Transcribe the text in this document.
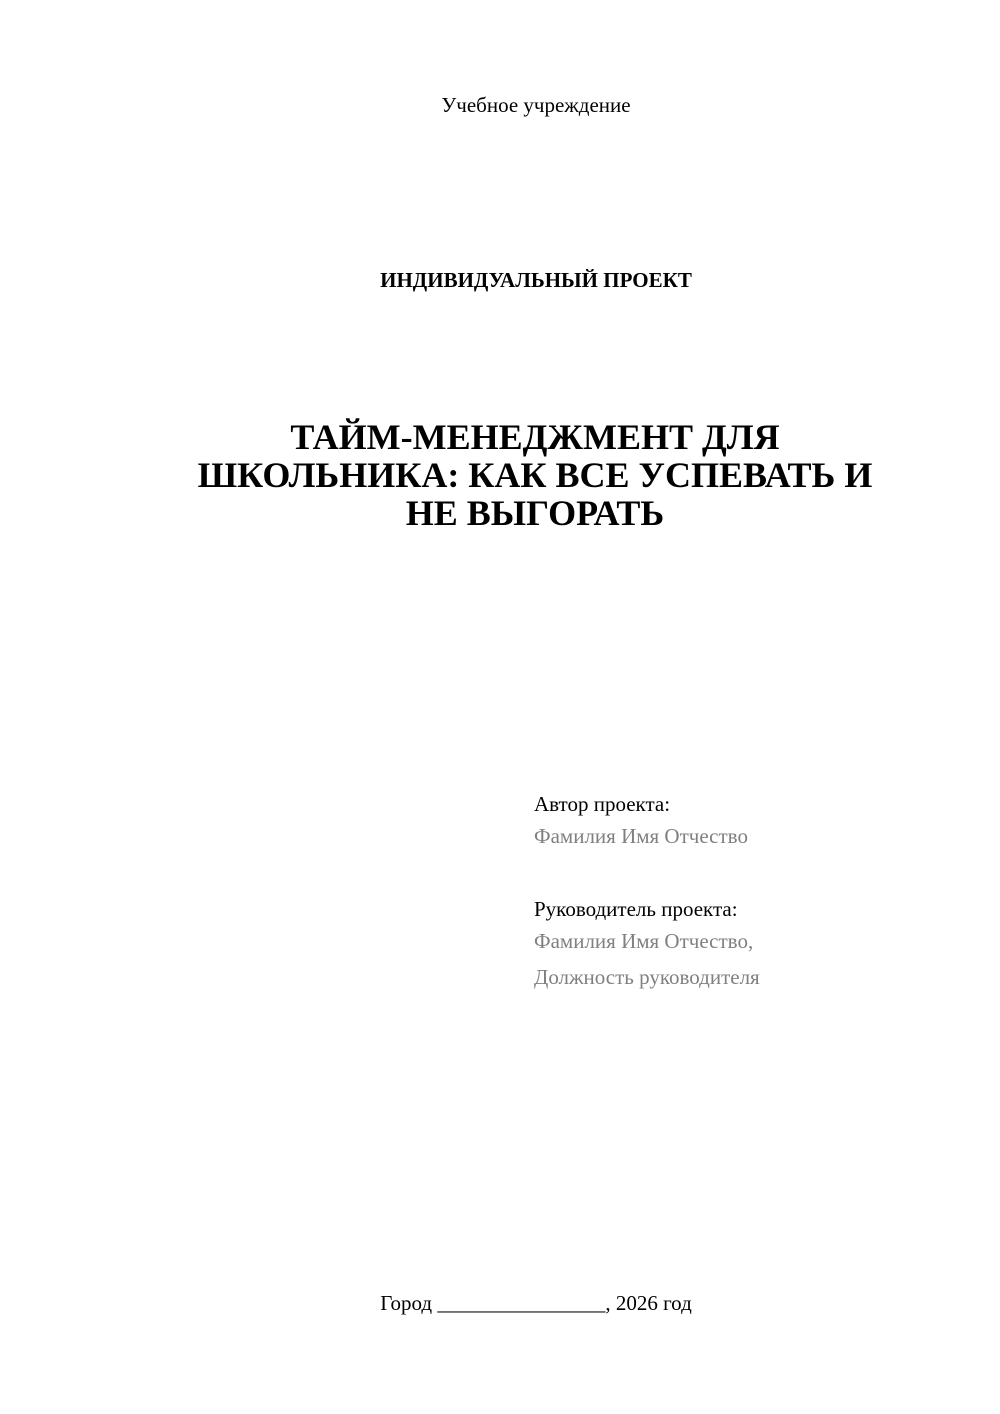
Учебное учреждение
ИНДИВИДУАЛЬНЫЙ ПРОЕКТ
ТАЙМ-МЕНЕДЖМЕНТ ДЛЯ
ШКОЛЬНИКА: КАК ВСЕ УСПЕВАТЬ И
НЕ ВЫГОРАТЬ

Автор проекта:

Фамилия Имя Отчество

Руководитель проекта:

Фамилия Имя Отчество,

Должность руководителя

Город ________________, 2026 год
